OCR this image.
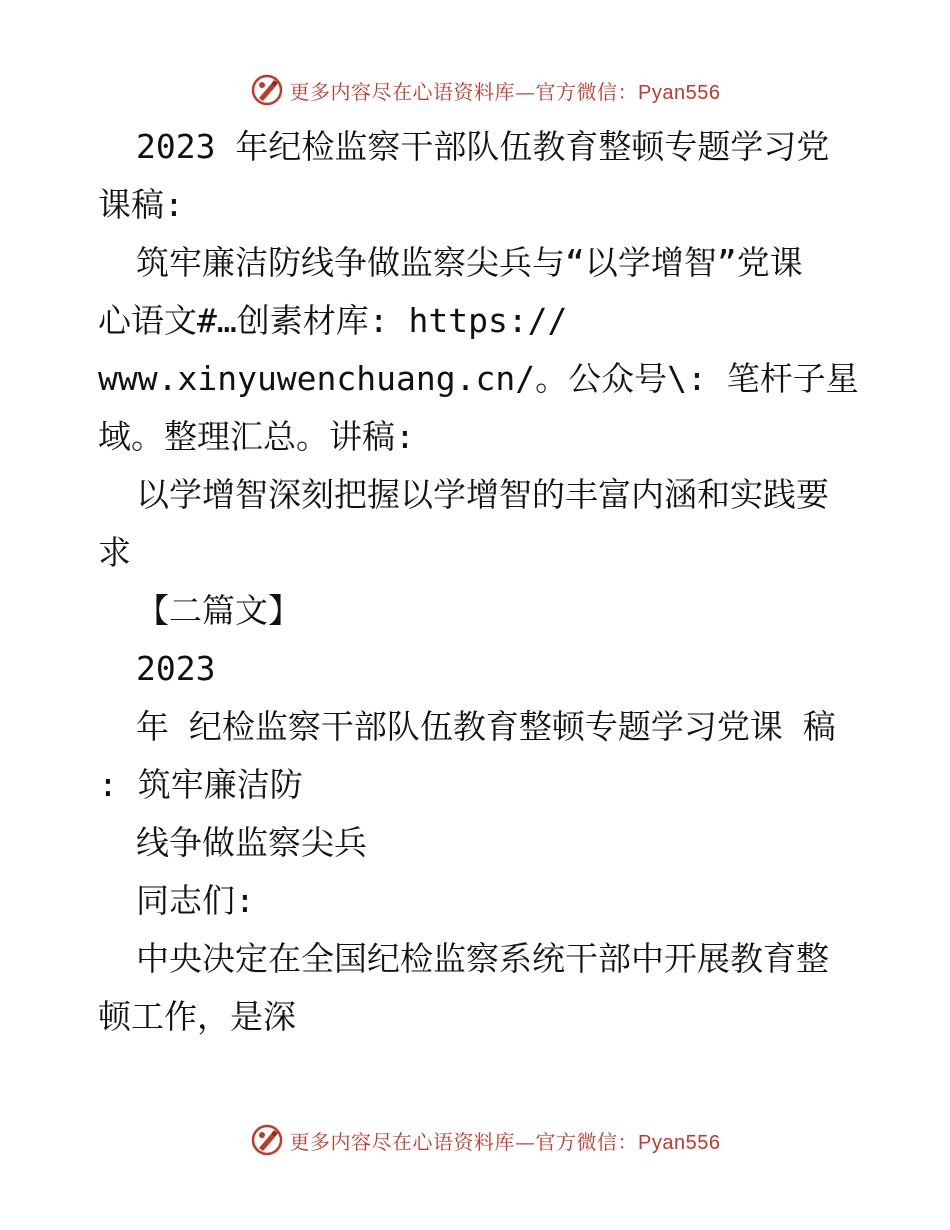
更多内容尽在心语资料库—官方微信：Pyan556
2023 年纪检监察干部队伍教育整顿专题学习党
课稿:
筑牢廉洁防线争做监察尖兵与“以学增智”党课
心语文#…创素材库: https://
www.xinyuwenchuang.cn/。公众号\: 笔杆子星
域。整理汇总。讲稿:
以学增智深刻把握以学增智的丰富内涵和实践要
求
【二篇文】
2023
年 纪检监察干部队伍教育整顿专题学习党课 稿
: 筑牢廉洁防
线争做监察尖兵
同志们:
中央决定在全国纪检监察系统干部中开展教育整
顿工作，是深
更多内容尽在心语资料库—官方微信：Pyan556
